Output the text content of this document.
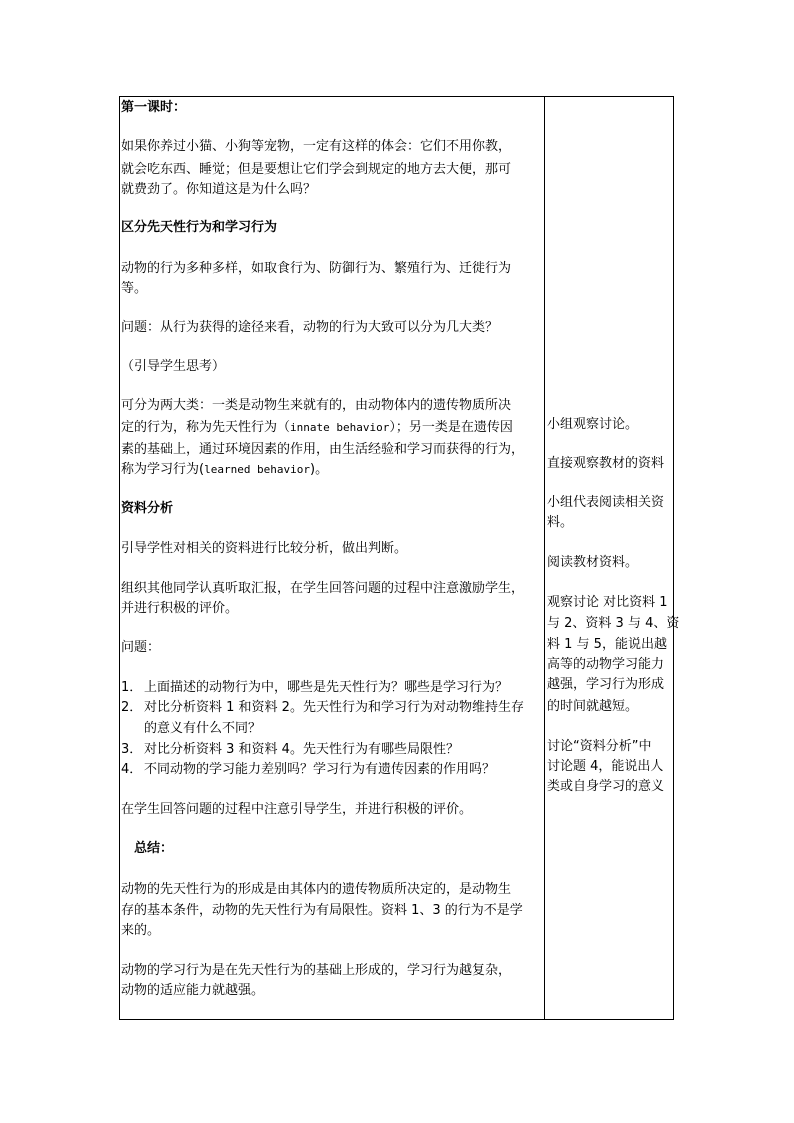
第一课时：
如果你养过小猫、小狗等宠物，一定有这样的体会：它们不用你教，
就会吃东西、睡觉；但是要想让它们学会到规定的地方去大便，那可
就费劲了。你知道这是为什么吗？
区分先天性行为和学习行为
动物的行为多种多样，如取食行为、防御行为、繁殖行为、迁徙行为
等。
问题：从行为获得的途径来看，动物的行为大致可以分为几大类？
（引导学生思考）
可分为两大类：一类是动物生来就有的，由动物体内的遗传物质所决
定的行为，称为先天性行为（innate behavior）；另一类是在遗传因
素的基础上，通过环境因素的作用，由生活经验和学习而获得的行为，
称为学习行为(learned behavior)。
资料分析
引导学性对相关的资料进行比较分析，做出判断。
组织其他同学认真听取汇报，在学生回答问题的过程中注意激励学生，
并进行积极的评价。
问题：
1． 上面描述的动物行为中，哪些是先天性行为？哪些是学习行为？
2． 对比分析资料 1 和资料 2。先天性行为和学习行为对动物维持生存
的意义有什么不同？
3． 对比分析资料 3 和资料 4。先天性行为有哪些局限性？
4． 不同动物的学习能力差别吗？学习行为有遗传因素的作用吗？
在学生回答问题的过程中注意引导学生，并进行积极的评价。
总结：
动物的先天性行为的形成是由其体内的遗传物质所决定的，是动物生
存的基本条件，动物的先天性行为有局限性。资料 1、3 的行为不是学
来的。
动物的学习行为是在先天性行为的基础上形成的，学习行为越复杂，
动物的适应能力就越强。
小组观察讨论。
直接观察教材的资料
小组代表阅读相关资
料。
阅读教材资料。
观察讨论 对比资料 1
与 2、资料 3 与 4、资
料 1 与 5，能说出越
高等的动物学习能力
越强，学习行为形成
的时间就越短。
讨论“资料分析”中
讨论题 4，能说出人
类或自身学习的意义
